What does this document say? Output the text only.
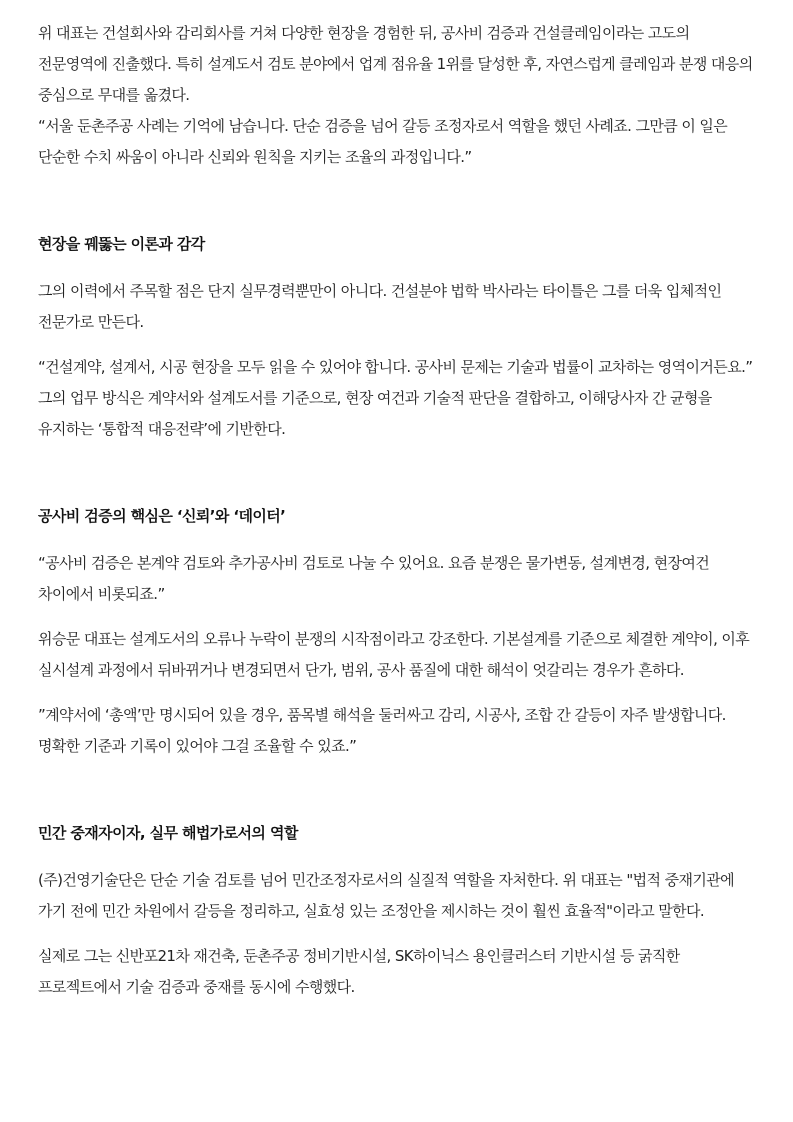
위 대표는 건설회사와 감리회사를 거쳐 다양한 현장을 경험한 뒤, 공사비 검증과 건설클레임이라는 고도의 전문영역에 진출했다. 특히 설계도서 검토 분야에서 업계 점유율 1위를 달성한 후, 자연스럽게 클레임과 분쟁 대응의 중심으로 무대를 옮겼다.

“서울 둔촌주공 사례는 기억에 남습니다. 단순 검증을 넘어 갈등 조정자로서 역할을 했던 사례죠. 그만큼 이 일은 단순한 수치 싸움이 아니라 신뢰와 원칙을 지키는 조율의 과정입니다.”

현장을 꿰뚫는 이론과 감각

그의 이력에서 주목할 점은 단지 실무경력뿐만이 아니다. 건설분야 법학 박사라는 타이틀은 그를 더욱 입체적인 전문가로 만든다.

“건설계약, 설계서, 시공 현장을 모두 읽을 수 있어야 합니다. 공사비 문제는 기술과 법률이 교차하는 영역이거든요.” 그의 업무 방식은 계약서와 설계도서를 기준으로, 현장 여건과 기술적 판단을 결합하고, 이해당사자 간 균형을 유지하는 ‘통합적 대응전략’에 기반한다.

공사비 검증의 핵심은 ‘신뢰’와 ‘데이터’

“공사비 검증은 본계약 검토와 추가공사비 검토로 나눌 수 있어요. 요즘 분쟁은 물가변동, 설계변경, 현장여건 차이에서 비롯되죠.”

위승문 대표는 설계도서의 오류나 누락이 분쟁의 시작점이라고 강조한다. 기본설계를 기준으로 체결한 계약이, 이후 실시설계 과정에서 뒤바뀌거나 변경되면서 단가, 범위, 공사 품질에 대한 해석이 엇갈리는 경우가 흔하다.

”계약서에 ‘총액’만 명시되어 있을 경우, 품목별 해석을 둘러싸고 감리, 시공사, 조합 간 갈등이 자주 발생합니다. 명확한 기준과 기록이 있어야 그걸 조율할 수 있죠.”

민간 중재자이자, 실무 해법가로서의 역할

(주)건영기술단은 단순 기술 검토를 넘어 민간조정자로서의 실질적 역할을 자처한다. 위 대표는 "법적 중재기관에 가기 전에 민간 차원에서 갈등을 정리하고, 실효성 있는 조정안을 제시하는 것이 훨씬 효율적"이라고 말한다.

실제로 그는 신반포21차 재건축, 둔촌주공 정비기반시설, SK하이닉스 용인클러스터 기반시설 등 굵직한 프로젝트에서 기술 검증과 중재를 동시에 수행했다.
